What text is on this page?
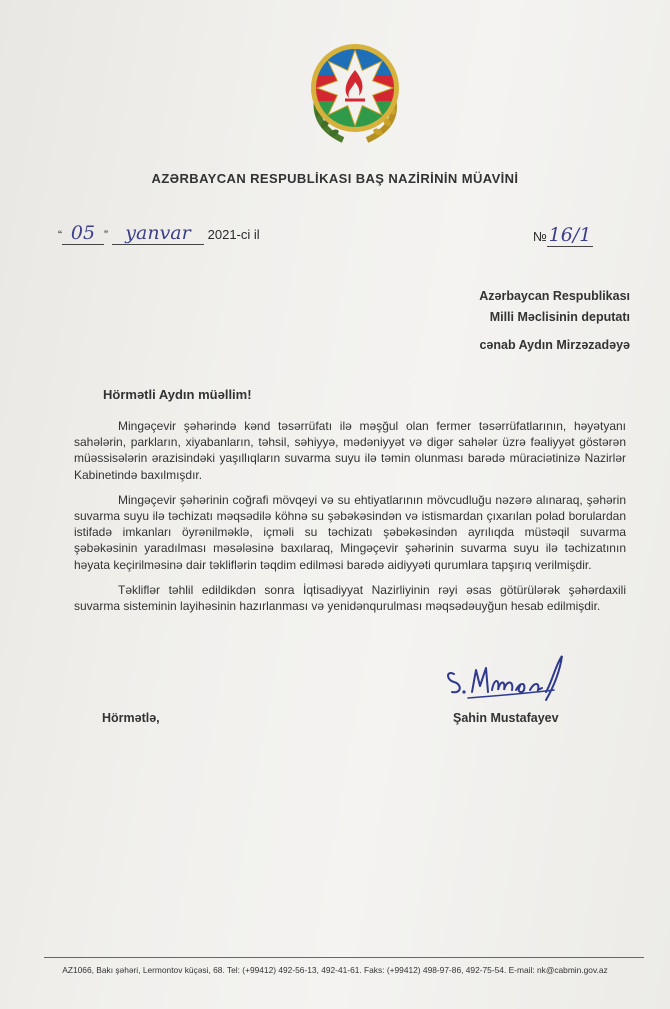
AZƏRBAYCAN RESPUBLİKASI BAŞ NAZİRİNİN MÜAVİNİ
“ 05 ” yanvar 2021-ci il	№16/1
Azərbaycan Respublikası
Milli Məclisinin deputatı
cənab Aydın Mirzəzadəyə
Hörmətli Aydın müəllim!

Mingəçevir şəhərində kənd təsərrüfatı ilə məşğul olan fermer təsərrüfatlarının, həyətyanı sahələrin, parkların, xiyabanların, təhsil, səhiyyə, mədəniyyət və digər sahələr üzrə fəaliyyət göstərən müəssisələrin ərazisindəki yaşıllıqların suvarma suyu ilə təmin olunması barədə müraciətinizə Nazirlər Kabinetində baxılmışdır.

Mingəçevir şəhərinin coğrafi mövqeyi və su ehtiyatlarının mövcudluğu nəzərə alınaraq, şəhərin suvarma suyu ilə təchizatı məqsədilə köhnə su şəbəkəsindən və istismardan çıxarılan polad borulardan istifadə imkanları öyrənilməklə, içməli su təchizatı şəbəkəsindən ayrılıqda müstəqil suvarma şəbəkəsinin yaradılması məsələsinə baxılaraq, Mingəçevir şəhərinin suvarma suyu ilə təchizatının həyata keçirilməsinə dair təkliflərin təqdim edilməsi barədə aidiyyəti qurumlara tapşırıq verilmişdir.

Təkliflər təhlil edildikdən sonra İqtisadiyyat Nazirliyinin rəyi əsas götürülərək şəhərdaxili suvarma sisteminin layihəsinin hazırlanması və yenidənqurulması məqsədəuyğun hesab edilmişdir.

Hörmətlə,	Şahin Mustafayev
AZ1066, Bakı şəhəri, Lermontov küçəsi, 68. Tel: (+99412) 492-56-13, 492-41-61. Faks: (+99412) 498-97-86, 492-75-54. E-mail: nk@cabmin.gov.az
